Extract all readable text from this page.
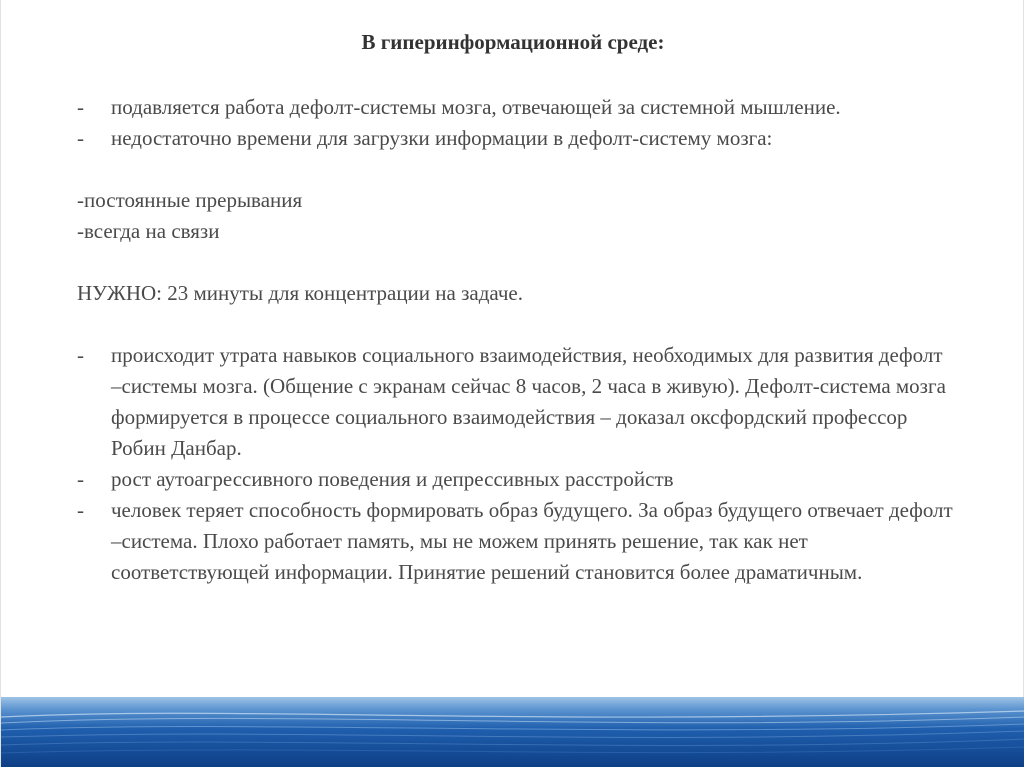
В гиперинформационной среде:
-	подавляется работа дефолт-системы мозга, отвечающей за системной мышление.
-	недостаточно времени для загрузки информации в дефолт-систему мозга:
-постоянные прерывания
-всегда на связи
НУЖНО: 23 минуты для концентрации на задаче.
-	происходит утрата навыков социального взаимодействия, необходимых для развития дефолт –системы мозга. (Общение с экранам сейчас 8 часов, 2 часа в живую). Дефолт-система мозга формируется в процессе социального взаимодействия – доказал оксфордский профессор Робин Данбар.
-	рост аутоагрессивного поведения и депрессивных расстройств
-	человек теряет способность формировать образ будущего. За образ будущего отвечает дефолт –система. Плохо работает память, мы не можем принять решение, так как нет соответствующей информации. Принятие решений становится более драматичным.
